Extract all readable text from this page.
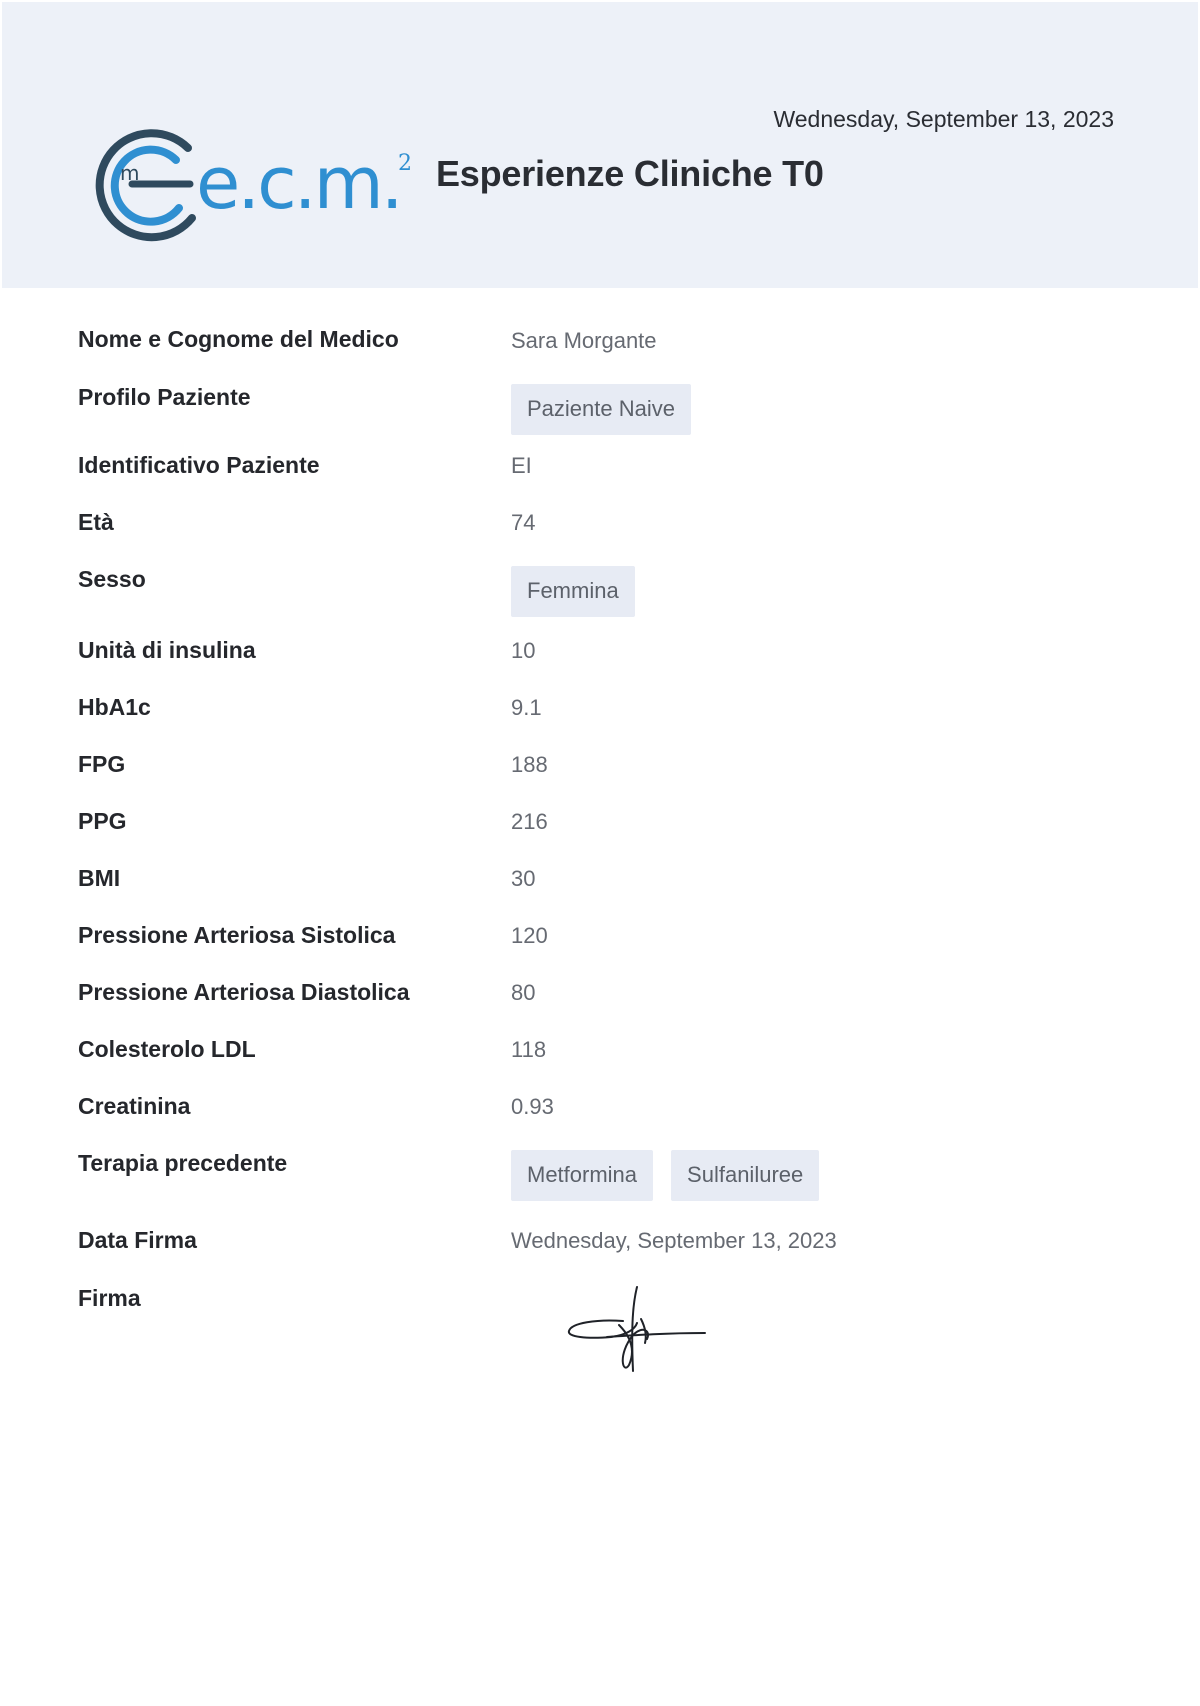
Wednesday, September 13, 2023
m e.c.m.
2 Esperienze Cliniche T0
Nome e Cognome del Medico	Sara Morgante
Profilo Paziente	Paziente Naive
Identificativo Paziente	EI
Età	74
Sesso	Femmina
Unità di insulina	10
HbA1c	9.1
FPG	188
PPG	216
BMI	30
Pressione Arteriosa Sistolica	120
Pressione Arteriosa Diastolica	80
Colesterolo LDL	118
Creatinina	0.93
Terapia precedente	Metformina	Sulfaniluree
Data Firma	Wednesday, September 13, 2023
Firma
